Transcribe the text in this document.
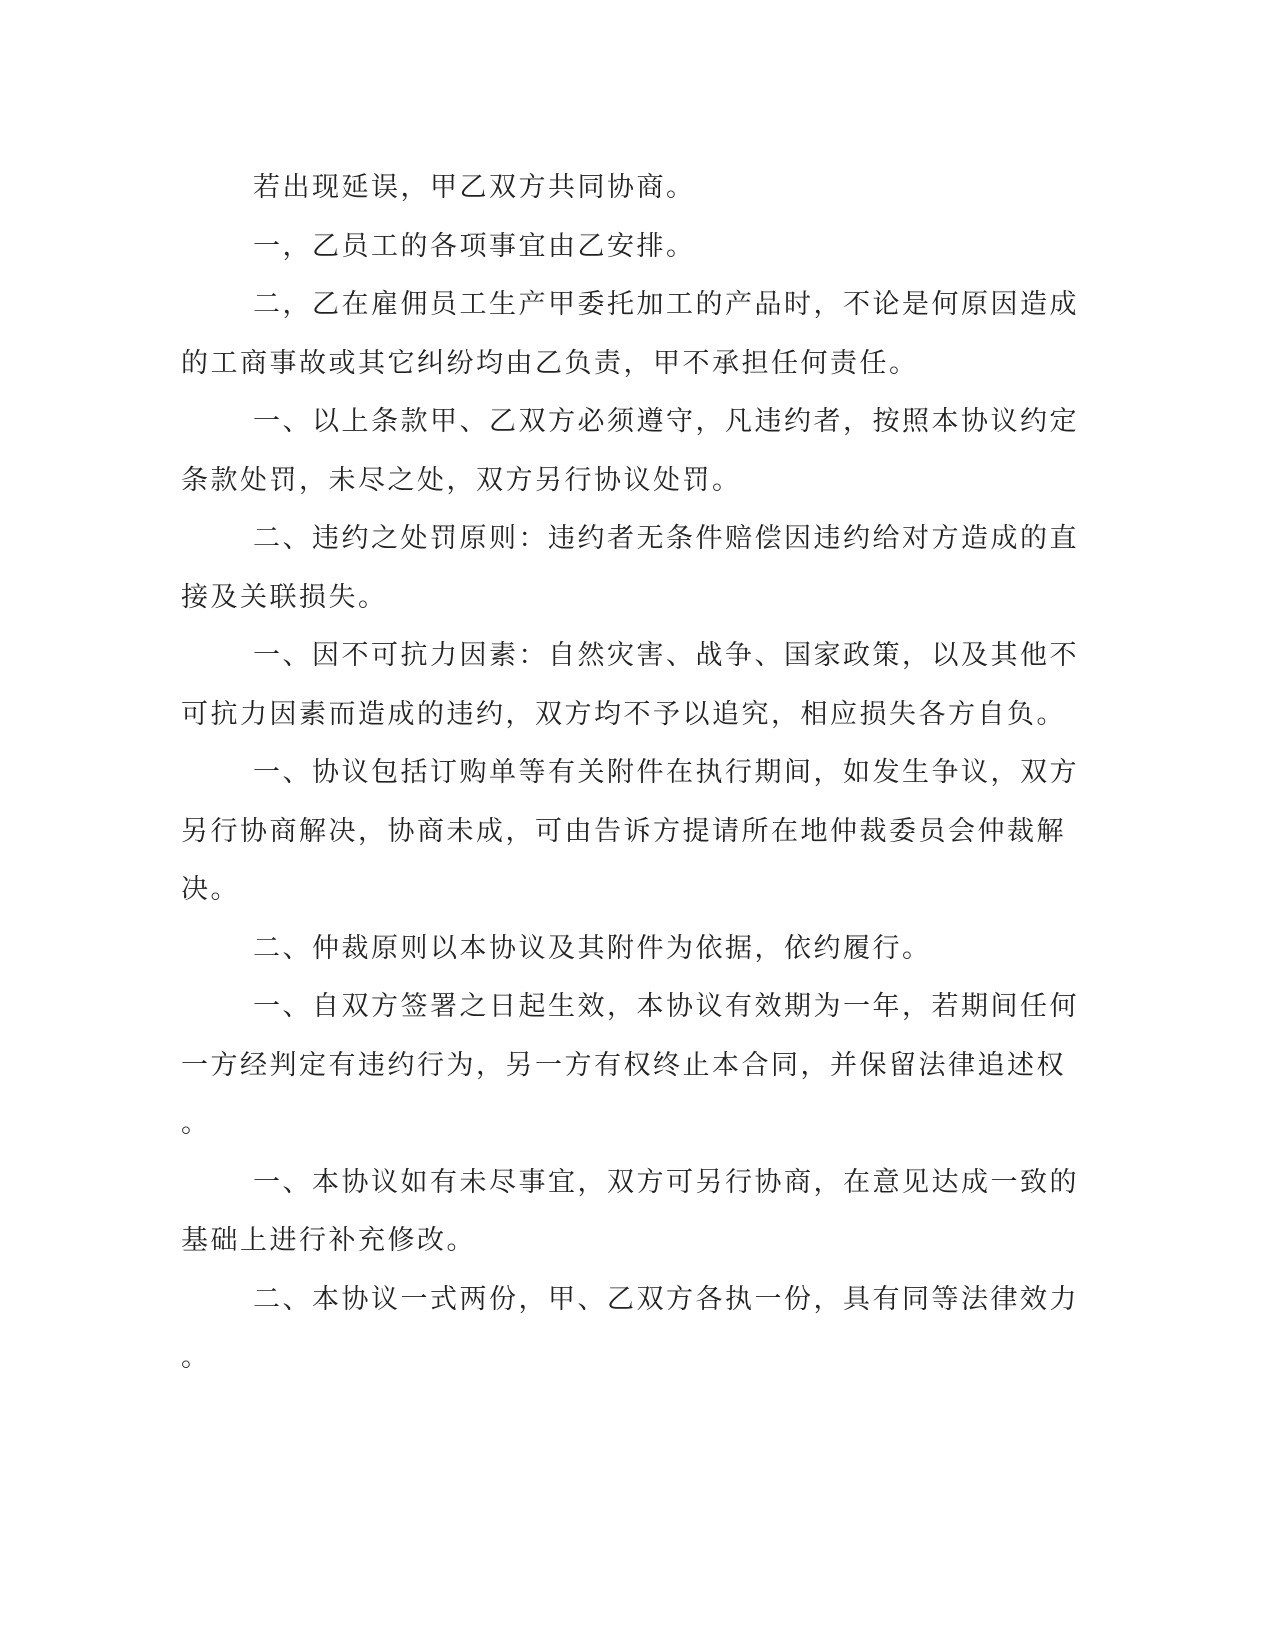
若出现延误，甲乙双方共同协商。

一，乙员工的各项事宜由乙安排。

二，乙在雇佣员工生产甲委托加工的产品时，不论是何原因造成
的工商事故或其它纠纷均由乙负责，甲不承担任何责任。

一、以上条款甲、乙双方必须遵守，凡违约者，按照本协议约定
条款处罚，未尽之处，双方另行协议处罚。

二、违约之处罚原则：违约者无条件赔偿因违约给对方造成的直
接及关联损失。

一、因不可抗力因素：自然灾害、战争、国家政策，以及其他不
可抗力因素而造成的违约，双方均不予以追究，相应损失各方自负。

一、协议包括订购单等有关附件在执行期间，如发生争议，双方
另行协商解决，协商未成，可由告诉方提请所在地仲裁委员会仲裁解
决。

二、仲裁原则以本协议及其附件为依据，依约履行。

一、自双方签署之日起生效，本协议有效期为一年，若期间任何
一方经判定有违约行为，另一方有权终止本合同，并保留法律追述权
。

一、本协议如有未尽事宜，双方可另行协商，在意见达成一致的
基础上进行补充修改。

二、本协议一式两份，甲、乙双方各执一份，具有同等法律效力
。
